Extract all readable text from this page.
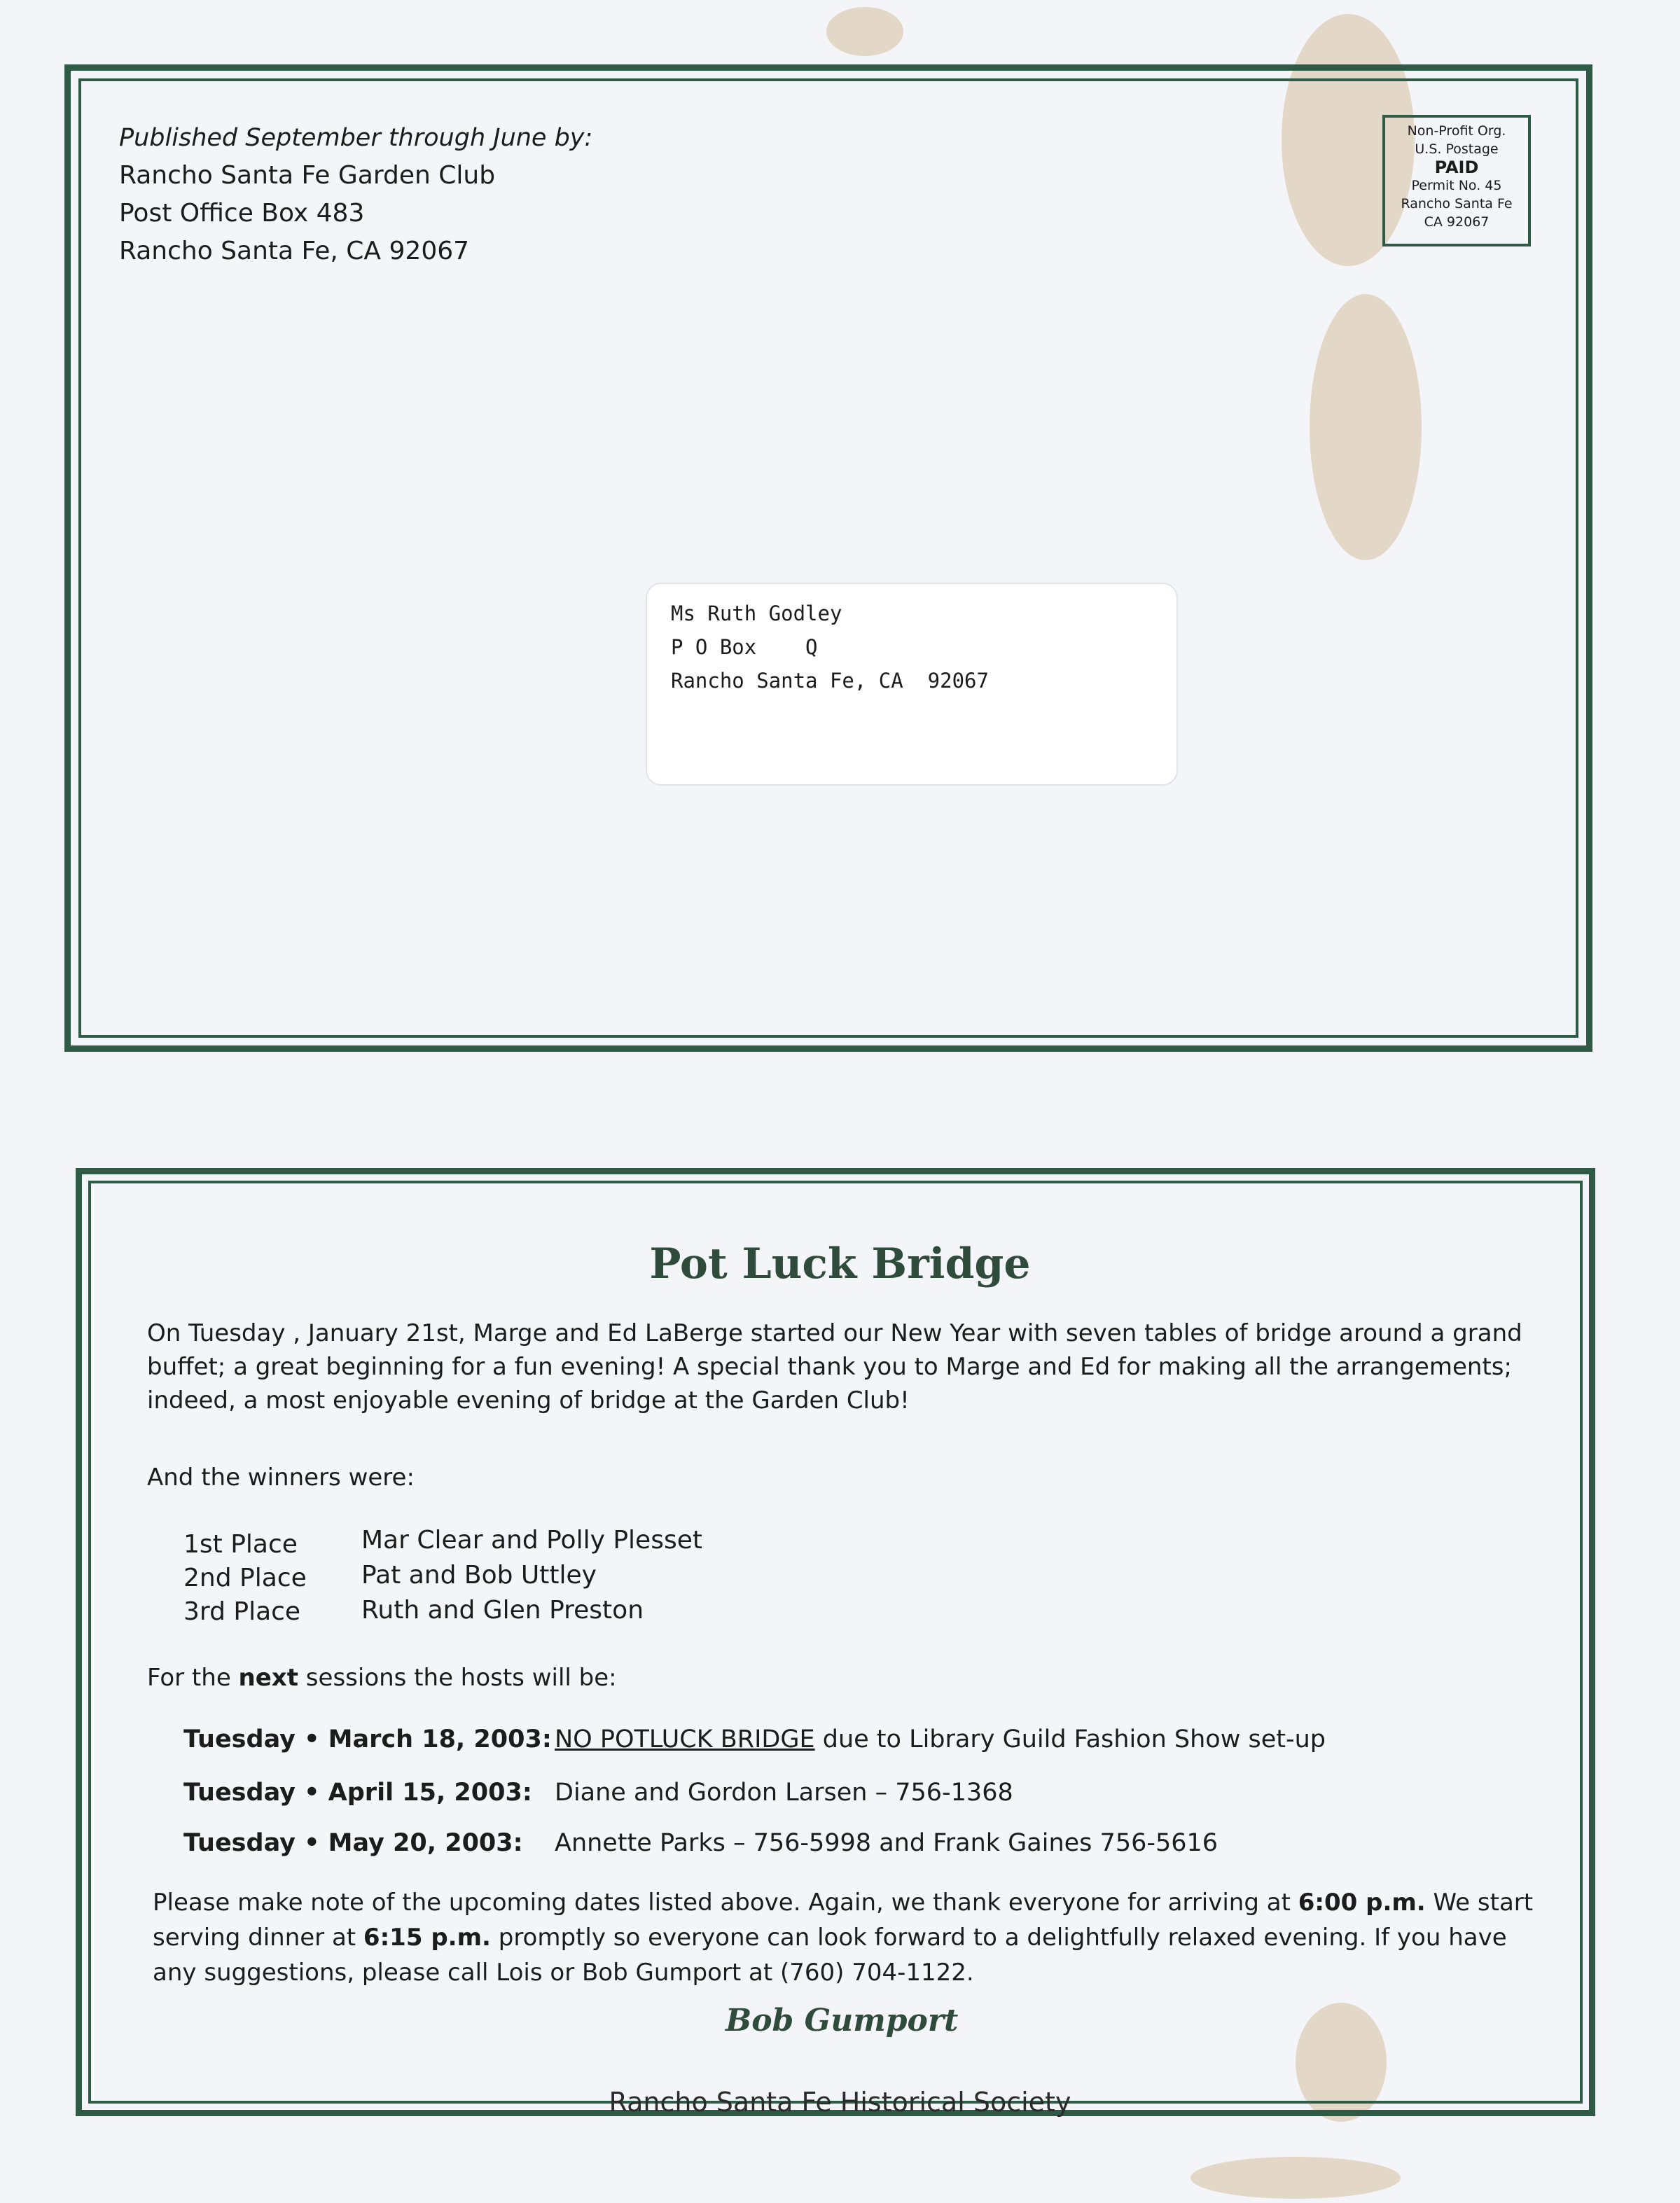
Published September through June by:
Rancho Santa Fe Garden Club
Post Office Box 483
Rancho Santa Fe, CA 92067
Non-Profit Org.
U.S. Postage
PAID
Permit No. 45
Rancho Santa Fe
CA 92067
Ms Ruth Godley
P O Box    Q
Rancho Santa Fe, CA  92067
Pot Luck Bridge
On Tuesday , January 21st, Marge and Ed LaBerge started our New Year with seven tables of bridge around a grand buffet; a great beginning for a fun evening! A special thank you to Marge and Ed for making all the arrangements; indeed, a most enjoyable evening of bridge at the Garden Club!
And the winners were:
1st Place	Mar Clear and Polly Plesset
2nd Place Pat and Bob Uttley
3rd Place Ruth and Glen Preston
For the next sessions the hosts will be:
Tuesday • March 18, 2003: NO POTLUCK BRIDGE due to Library Guild Fashion Show set-up
Tuesday • April 15, 2003: Diane and Gordon Larsen – 756-1368
Tuesday • May 20, 2003: Annette Parks – 756-5998 and Frank Gaines 756-5616
Please make note of the upcoming dates listed above. Again, we thank everyone for arriving at 6:00 p.m. We start serving dinner at 6:15 p.m. promptly so everyone can look forward to a delightfully relaxed evening. If you have any suggestions, please call Lois or Bob Gumport at (760) 704-1122.
Bob Gumport
Rancho Santa Fe Historical Society
